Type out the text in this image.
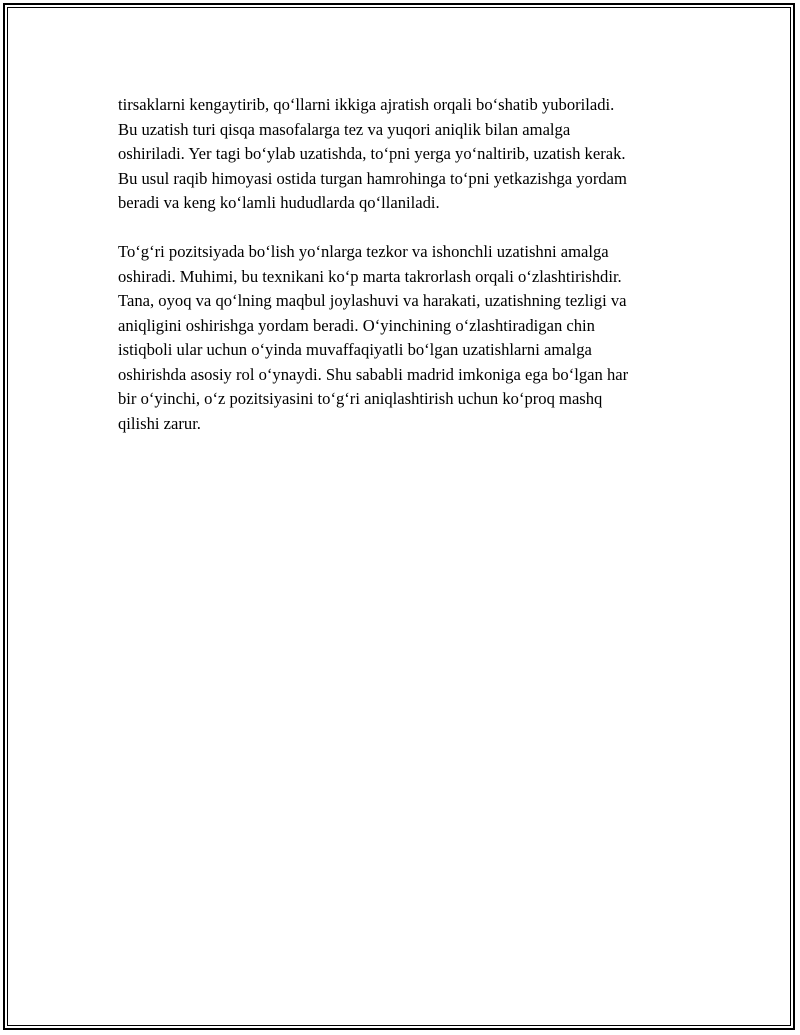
tirsaklarni kengaytirib, qo‘llarni ikkiga ajratish orqali bo‘shatib yuboriladi.
Bu uzatish turi qisqa masofalarga tez va yuqori aniqlik bilan amalga
oshiriladi. Yer tagi bo‘ylab uzatishda, to‘pni yerga yo‘naltirib, uzatish kerak.
Bu usul raqib himoyasi ostida turgan hamrohinga to‘pni yetkazishga yordam
beradi va keng ko‘lamli hududlarda qo‘llaniladi.

To‘g‘ri pozitsiyada bo‘lish yo‘nlarga tezkor va ishonchli uzatishni amalga
oshiradi. Muhimi, bu texnikani ko‘p marta takrorlash orqali o‘zlashtirishdir.
Tana, oyoq va qo‘lning maqbul joylashuvi va harakati, uzatishning tezligi va
aniqligini oshirishga yordam beradi. O‘yinchining o‘zlashtiradigan chin
istiqboli ular uchun o‘yinda muvaffaqiyatli bo‘lgan uzatishlarni amalga
oshirishda asosiy rol o‘ynaydi. Shu sababli madrid imkoniga ega bo‘lgan har
bir o‘yinchi, o‘z pozitsiyasini to‘g‘ri aniqlashtirish uchun ko‘proq mashq
qilishi zarur.
